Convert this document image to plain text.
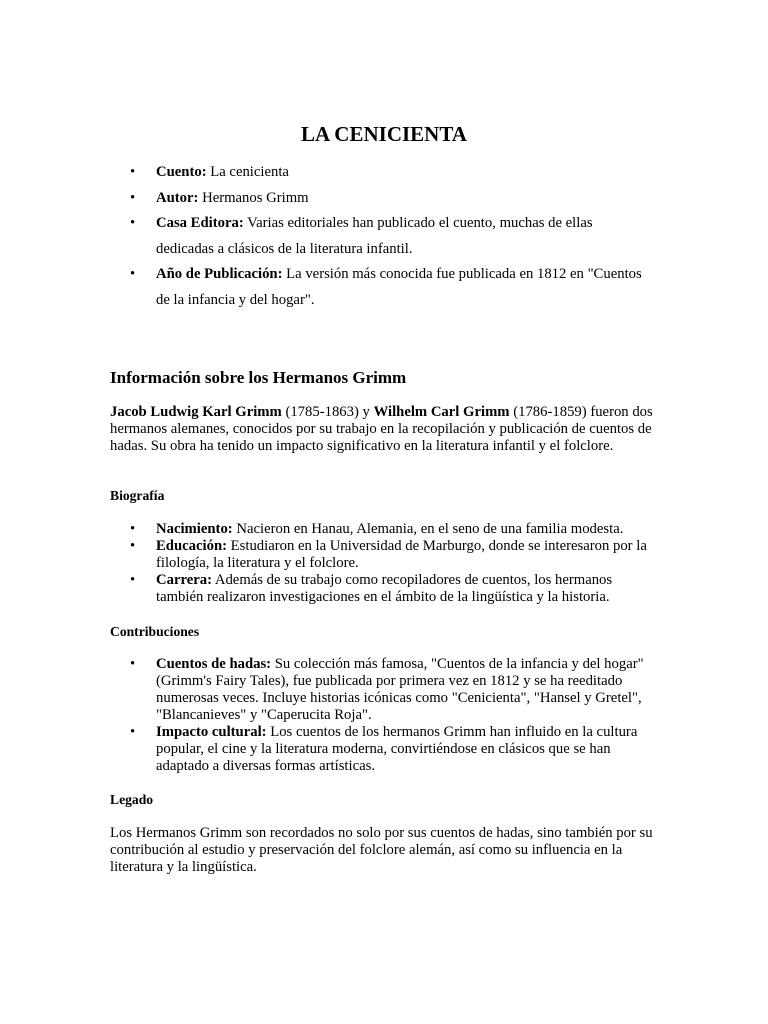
LA CENICIENTA
• Cuento: La cenicienta
• Autor: Hermanos Grimm
• Casa Editora: Varias editoriales han publicado el cuento, muchas de ellas dedicadas a clásicos de la literatura infantil.
• Año de Publicación: La versión más conocida fue publicada en 1812 en "Cuentos de la infancia y del hogar".
Información sobre los Hermanos Grimm

Jacob Ludwig Karl Grimm (1785-1863) y Wilhelm Carl Grimm (1786-1859) fueron dos hermanos alemanes, conocidos por su trabajo en la recopilación y publicación de cuentos de hadas. Su obra ha tenido un impacto significativo en la literatura infantil y el folclore.

Biografía
• Nacimiento: Nacieron en Hanau, Alemania, en el seno de una familia modesta.
• Educación: Estudiaron en la Universidad de Marburgo, donde se interesaron por la filología, la literatura y el folclore.
• Carrera: Además de su trabajo como recopiladores de cuentos, los hermanos también realizaron investigaciones en el ámbito de la lingüística y la historia.
Contribuciones
• Cuentos de hadas: Su colección más famosa, "Cuentos de la infancia y del hogar" (Grimm's Fairy Tales), fue publicada por primera vez en 1812 y se ha reeditado numerosas veces. Incluye historias icónicas como "Cenicienta", "Hansel y Gretel", "Blancanieves" y "Caperucita Roja".
• Impacto cultural: Los cuentos de los hermanos Grimm han influido en la cultura popular, el cine y la literatura moderna, convirtiéndose en clásicos que se han adaptado a diversas formas artísticas.
Legado

Los Hermanos Grimm son recordados no solo por sus cuentos de hadas, sino también por su contribución al estudio y preservación del folclore alemán, así como su influencia en la literatura y la lingüística.
